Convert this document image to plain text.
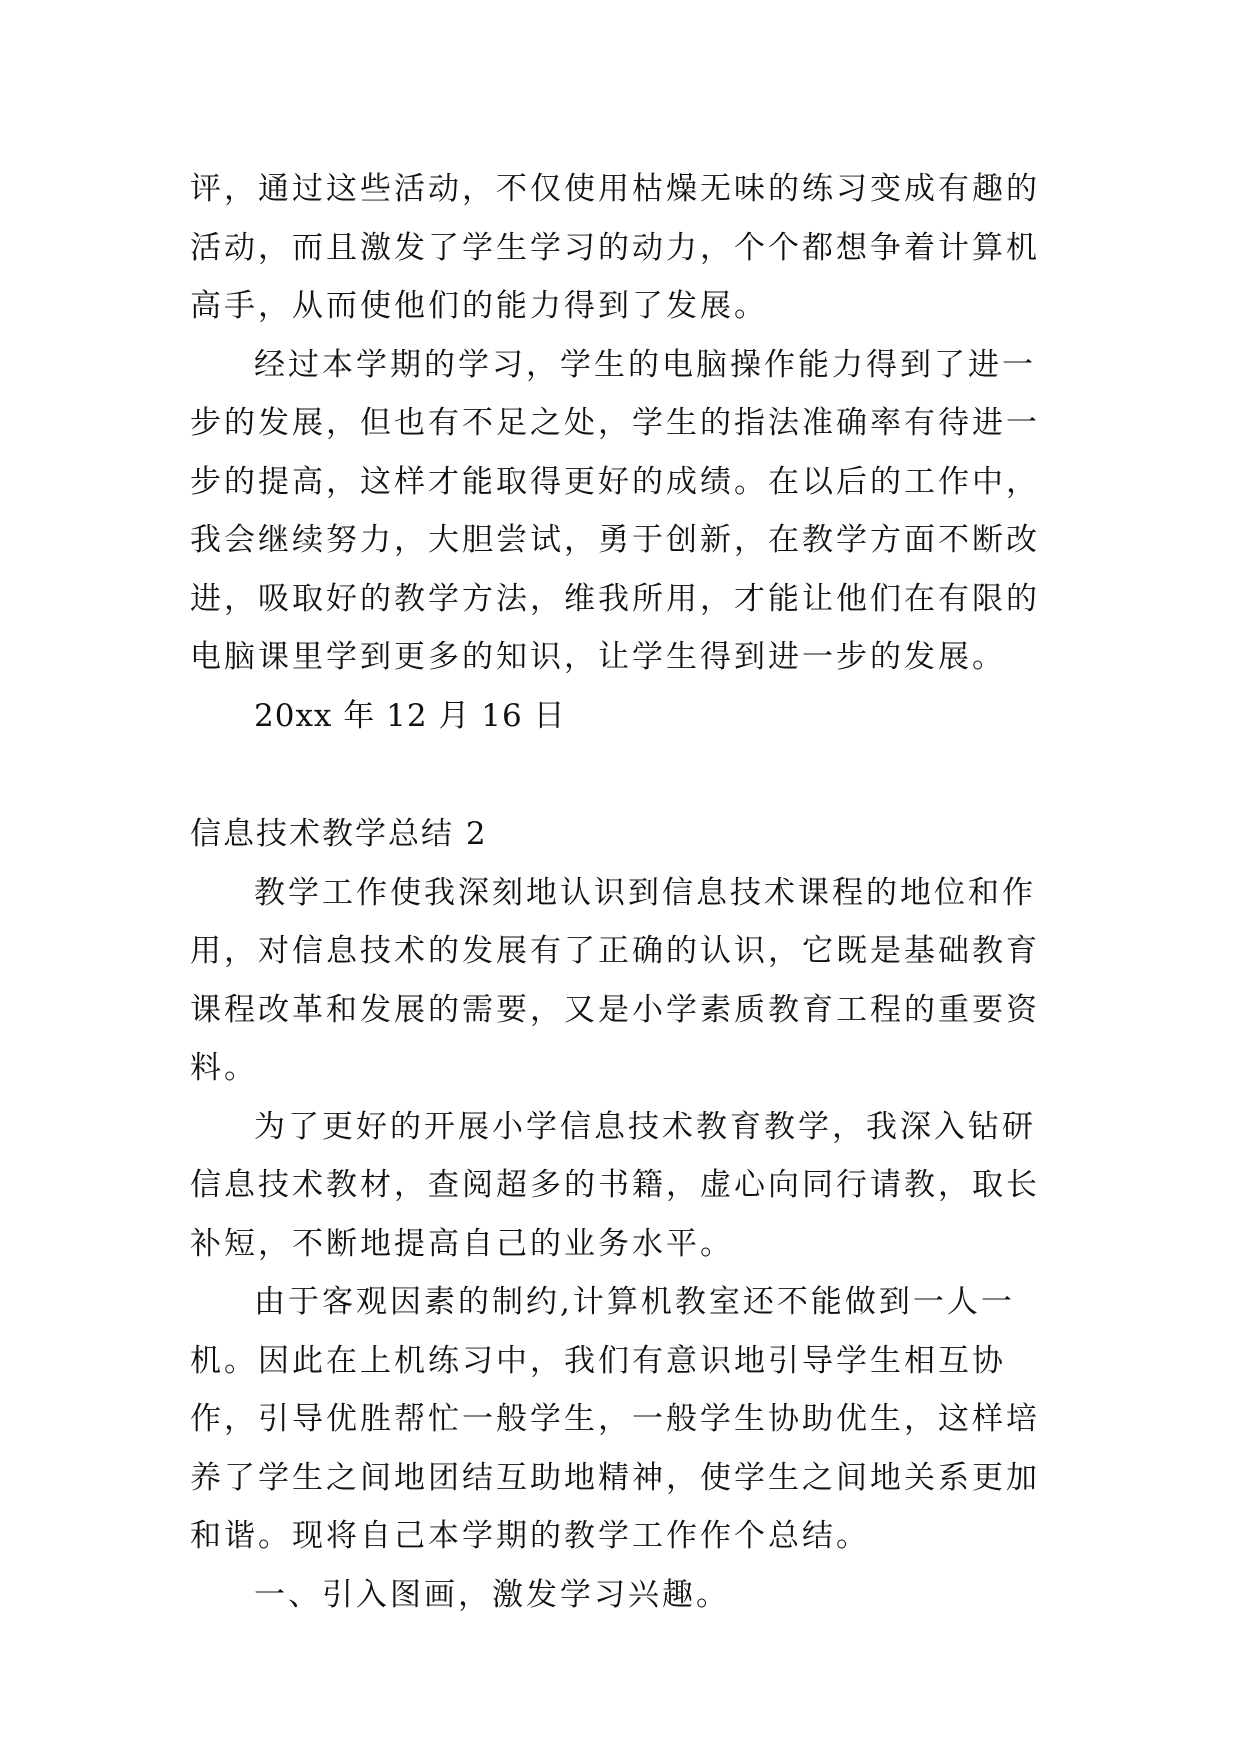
评，通过这些活动，不仅使用枯燥无味的练习变成有趣的活动，而且激发了学生学习的动力，个个都想争着计算机高手，从而使他们的能力得到了发展。

经过本学期的学习，学生的电脑操作能力得到了进一步的发展，但也有不足之处，学生的指法准确率有待进一步的提高，这样才能取得更好的成绩。在以后的工作中，我会继续努力，大胆尝试，勇于创新，在教学方面不断改进，吸取好的教学方法，维我所用，才能让他们在有限的电脑课里学到更多的知识，让学生得到进一步的发展。

20xx 年 12 月 16 日

信息技术教学总结 2

教学工作使我深刻地认识到信息技术课程的地位和作用，对信息技术的发展有了正确的认识，它既是基础教育课程改革和发展的需要，又是小学素质教育工程的重要资料。

为了更好的开展小学信息技术教育教学，我深入钻研信息技术教材，查阅超多的书籍，虚心向同行请教，取长补短，不断地提高自己的业务水平。

由于客观因素的制约,计算机教室还不能做到一人一机。因此在上机练习中，我们有意识地引导学生相互协作，引导优胜帮忙一般学生，一般学生协助优生，这样培养了学生之间地团结互助地精神，使学生之间地关系更加和谐。现将自己本学期的教学工作作个总结。

一、引入图画，激发学习兴趣。
